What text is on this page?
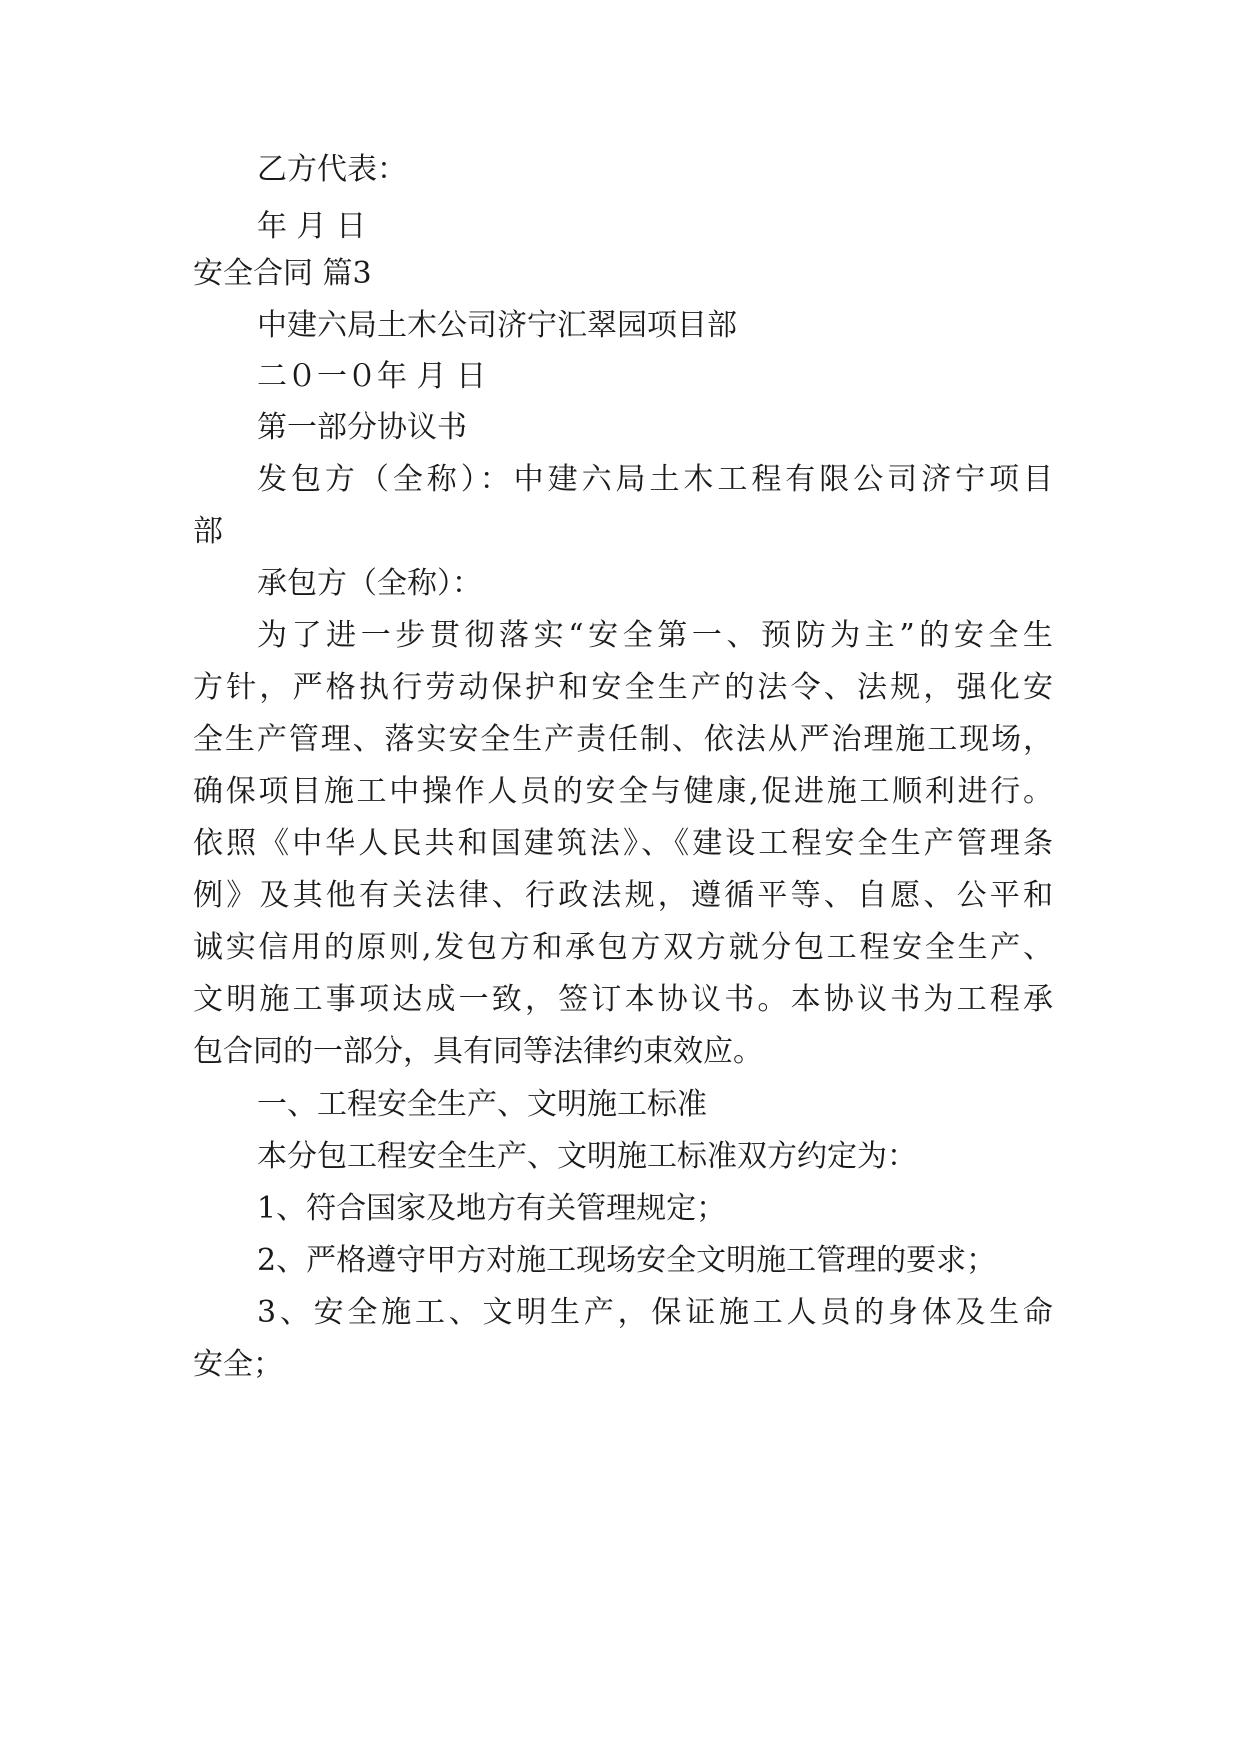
乙方代表：

年 月 日

安全合同 篇3

中建六局土木公司济宁汇翠园项目部

二０一０年 月 日

第一部分协议书

发包方（全称）：中建六局土木工程有限公司济宁项目

部

承包方（全称）：

为了进一步贯彻落实“安全第一、预防为主”的安全生

方针，严格执行劳动保护和安全生产的法令、法规，强化安

全生产管理、落实安全生产责任制、依法从严治理施工现场，

确保项目施工中操作人员的安全与健康,促进施工顺利进行。

依照《中华人民共和国建筑法》、《建设工程安全生产管理条

例》及其他有关法律、行政法规，遵循平等、自愿、公平和

诚实信用的原则,发包方和承包方双方就分包工程安全生产、

文明施工事项达成一致，签订本协议书。本协议书为工程承

包合同的一部分，具有同等法律约束效应。

一、工程安全生产、文明施工标准

本分包工程安全生产、文明施工标准双方约定为：

1、符合国家及地方有关管理规定；

2、严格遵守甲方对施工现场安全文明施工管理的要求；

3、安全施工、文明生产，保证施工人员的身体及生命

安全；
